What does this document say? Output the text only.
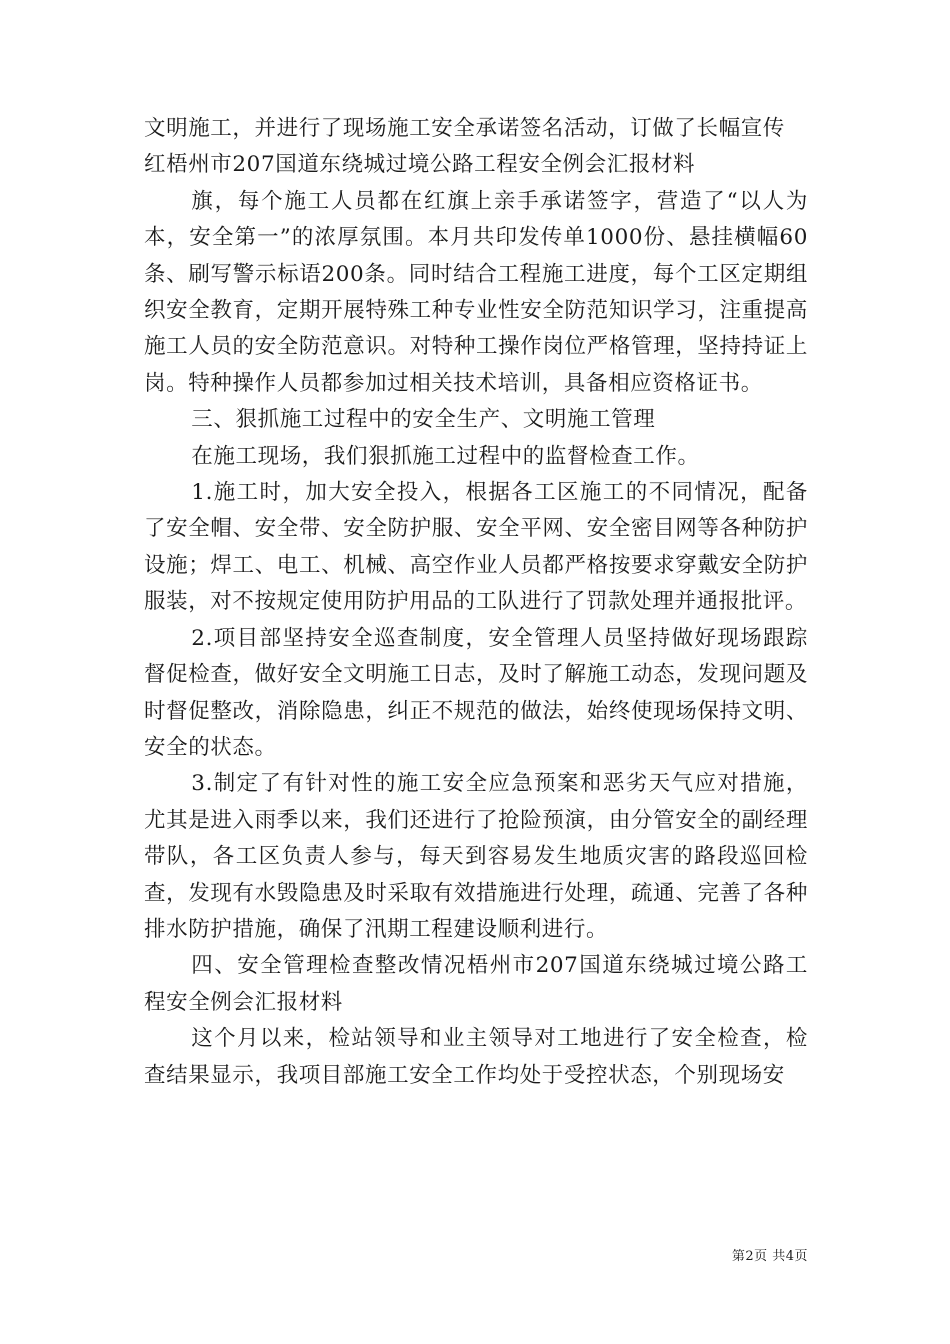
文明施工，并进行了现场施工安全承诺签名活动，订做了长幅宣传

红梧州市207国道东绕城过境公路工程安全例会汇报材料

旗，每个施工人员都在红旗上亲手承诺签字，营造了“以人为本，安全第一”的浓厚氛围。本月共印发传单1000份、悬挂横幅60条、刷写警示标语200条。同时结合工程施工进度，每个工区定期组织安全教育，定期开展特殊工种专业性安全防范知识学习，注重提高施工人员的安全防范意识。对特种工操作岗位严格管理，坚持持证上岗。特种操作人员都参加过相关技术培训，具备相应资格证书。

三、狠抓施工过程中的安全生产、文明施工管理

在施工现场，我们狠抓施工过程中的监督检查工作。

1.施工时，加大安全投入，根据各工区施工的不同情况，配备了安全帽、安全带、安全防护服、安全平网、安全密目网等各种防护设施；焊工、电工、机械、高空作业人员都严格按要求穿戴安全防护服装，对不按规定使用防护用品的工队进行了罚款处理并通报批评。

2.项目部坚持安全巡查制度，安全管理人员坚持做好现场跟踪督促检查，做好安全文明施工日志，及时了解施工动态，发现问题及时督促整改，消除隐患，纠正不规范的做法，始终使现场保持文明、安全的状态。

3.制定了有针对性的施工安全应急预案和恶劣天气应对措施，尤其是进入雨季以来，我们还进行了抢险预演，由分管安全的副经理带队，各工区负责人参与，每天到容易发生地质灾害的路段巡回检查，发现有水毁隐患及时采取有效措施进行处理，疏通、完善了各种排水防护措施，确保了汛期工程建设顺利进行。

四、安全管理检查整改情况梧州市207国道东绕城过境公路工程安全例会汇报材料

这个月以来，检站领导和业主领导对工地进行了安全检查，检查结果显示，我项目部施工安全工作均处于受控状态，个别现场安

第2页 共4页
